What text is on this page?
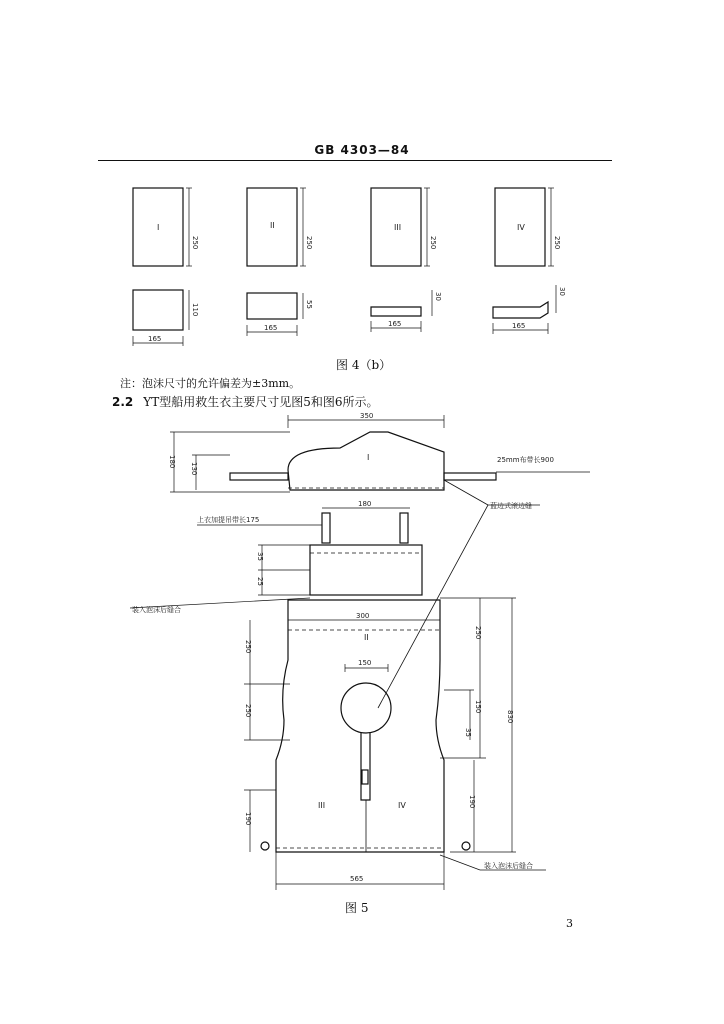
GB 4303—84
I	II	III	IV
250	250	250	250
165
165	165	165
110	55
30
30
350
180
130
I	25mm布带长900
蓝边式滚边缝
180
上衣加提吊带长175
35
25
装入泡沫后缝合
300
II
250
250
150
250
150
35
830
190
190
III	IV
565
装入泡沫后缝合
图 4（b）
注：泡沫尺寸的允许偏差为±3mm。
2.2 YT型船用救生衣主要尺寸见图5和图6所示。
图 5
3
